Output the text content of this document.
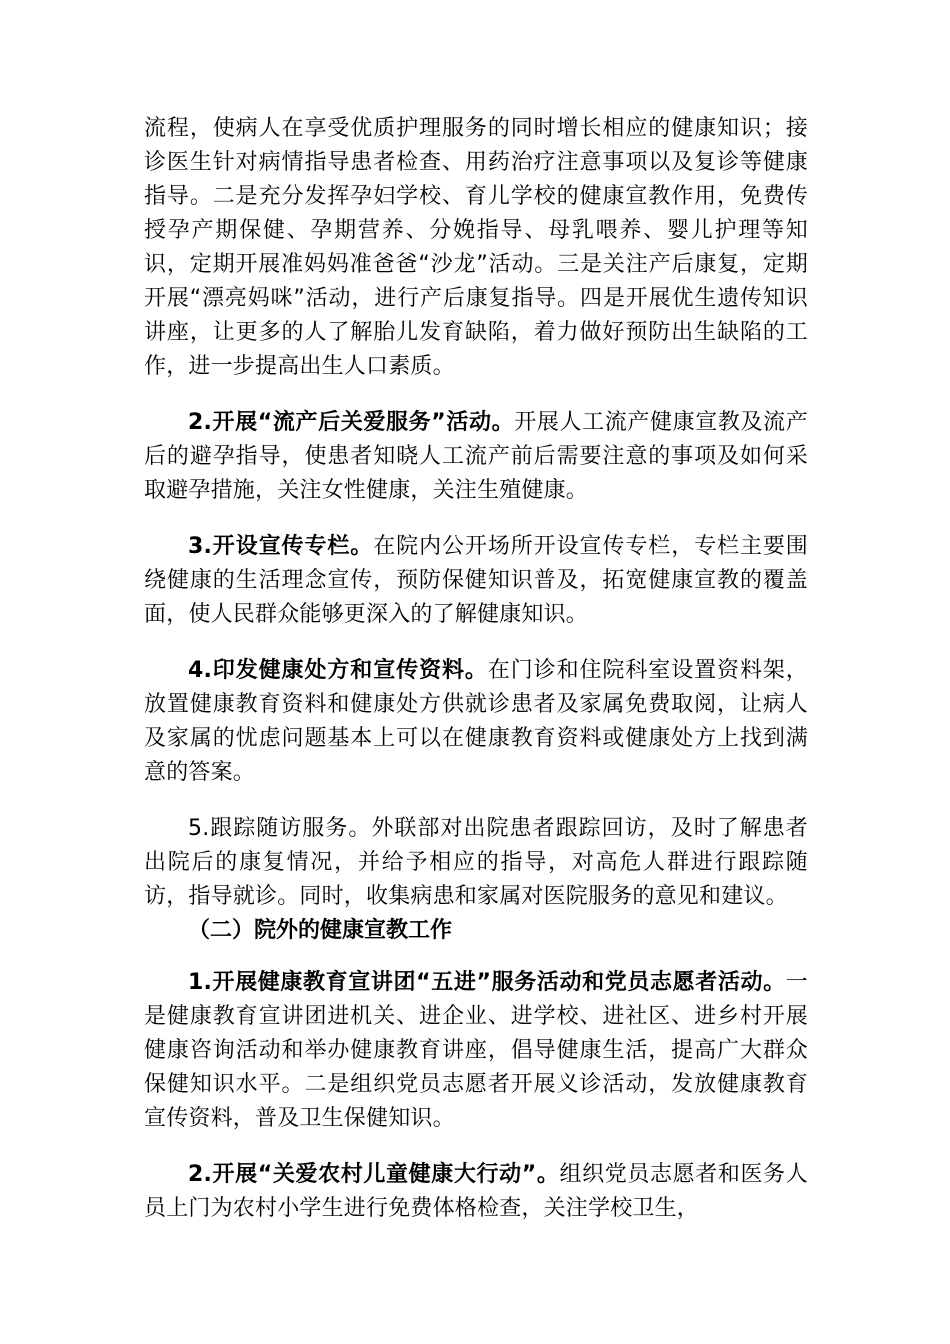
流程，使病人在享受优质护理服务的同时增长相应的健康知识；接诊医生针对病情指导患者检查、用药治疗注意事项以及复诊等健康指导。二是充分发挥孕妇学校、育儿学校的健康宣教作用，免费传授孕产期保健、孕期营养、分娩指导、母乳喂养、婴儿护理等知识，定期开展准妈妈准爸爸“沙龙”活动。三是关注产后康复，定期开展“漂亮妈咪”活动，进行产后康复指导。四是开展优生遗传知识讲座，让更多的人了解胎儿发育缺陷，着力做好预防出生缺陷的工作，进一步提高出生人口素质。

2.开展“流产后关爱服务”活动。开展人工流产健康宣教及流产后的避孕指导，使患者知晓人工流产前后需要注意的事项及如何采取避孕措施，关注女性健康，关注生殖健康。

3.开设宣传专栏。在院内公开场所开设宣传专栏，专栏主要围绕健康的生活理念宣传，预防保健知识普及，拓宽健康宣教的覆盖面，使人民群众能够更深入的了解健康知识。

4.印发健康处方和宣传资料。在门诊和住院科室设置资料架，放置健康教育资料和健康处方供就诊患者及家属免费取阅，让病人及家属的忧虑问题基本上可以在健康教育资料或健康处方上找到满意的答案。

5.跟踪随访服务。外联部对出院患者跟踪回访，及时了解患者出院后的康复情况，并给予相应的指导，对高危人群进行跟踪随访，指导就诊。同时，收集病患和家属对医院服务的意见和建议。

（二）院外的健康宣教工作

1.开展健康教育宣讲团“五进”服务活动和党员志愿者活动。一是健康教育宣讲团进机关、进企业、进学校、进社区、进乡村开展健康咨询活动和举办健康教育讲座，倡导健康生活，提高广大群众保健知识水平。二是组织党员志愿者开展义诊活动，发放健康教育宣传资料，普及卫生保健知识。

2.开展“关爱农村儿童健康大行动”。组织党员志愿者和医务人员上门为农村小学生进行免费体格检查，关注学校卫生，
